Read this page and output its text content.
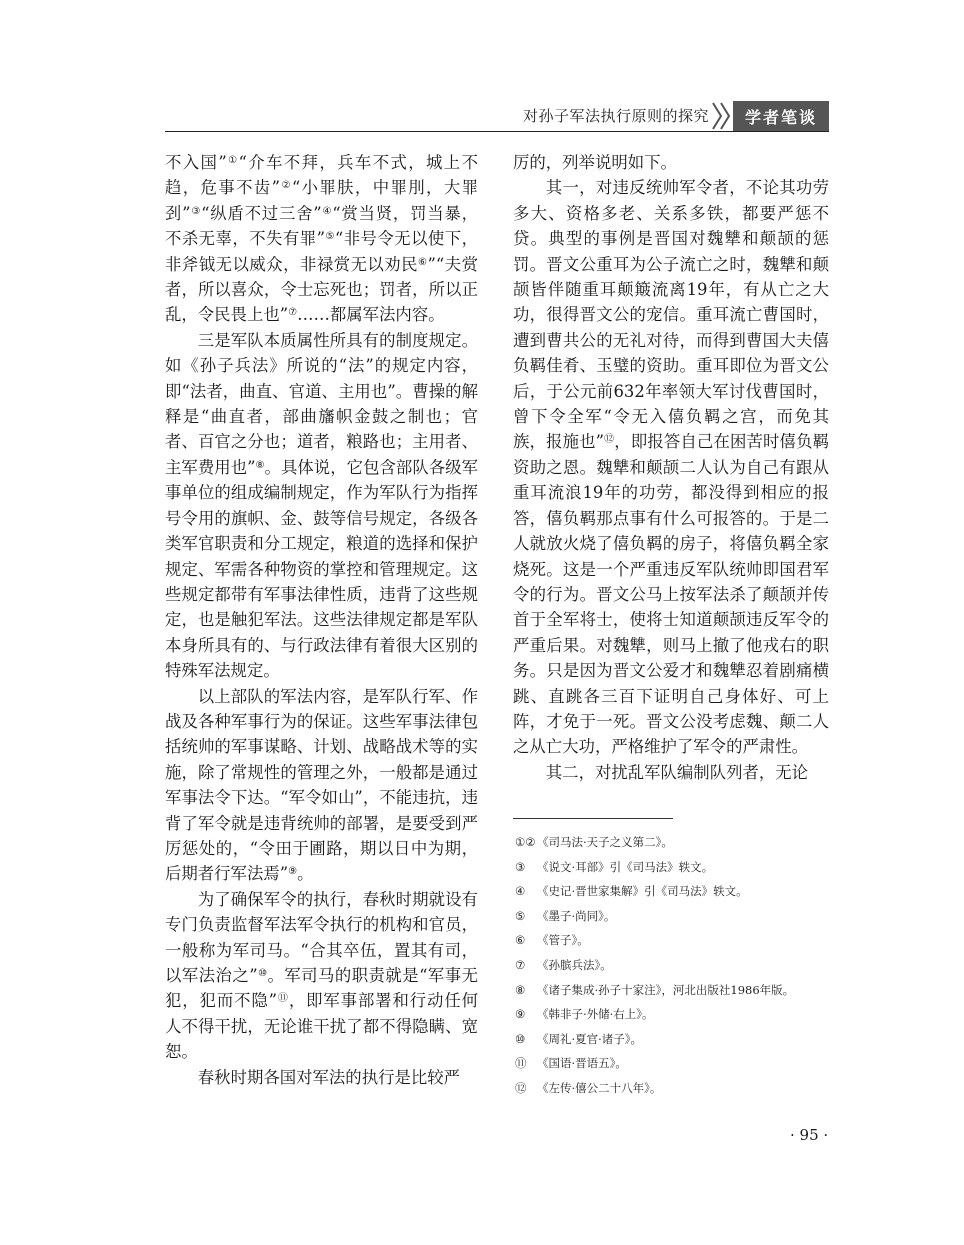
对孙子军法执行原则的探究	学者笔谈

不入国”①“介车不拜，兵车不式，城上不趋，危事不齿”②“小罪肤，中罪刖，大罪刭”③“纵盾不过三舍”④“赏当贤，罚当暴，不杀无辜，不失有罪”⑤“非号令无以使下，非斧钺无以威众，非禄赏无以劝民⑥”“夫赏者，所以喜众，令士忘死也；罚者，所以正乱，令民畏上也”⑦……都属军法内容。

三是军队本质属性所具有的制度规定。如《孙子兵法》所说的“法”的规定内容，即“法者，曲直、官道、主用也”。曹操的解释是“曲直者，部曲旛帜金鼓之制也；官者、百官之分也；道者，粮路也；主用者、主军费用也”⑧。具体说，它包含部队各级军事单位的组成编制规定，作为军队行为指挥号令用的旗帜、金、鼓等信号规定，各级各类军官职责和分工规定，粮道的选择和保护规定、军需各种物资的掌控和管理规定。这些规定都带有军事法律性质，违背了这些规定，也是触犯军法。这些法律规定都是军队本身所具有的、与行政法律有着很大区别的特殊军法规定。

以上部队的军法内容，是军队行军、作战及各种军事行为的保证。这些军事法律包括统帅的军事谋略、计划、战略战术等的实施，除了常规性的管理之外，一般都是通过军事法令下达。“军令如山”，不能违抗，违背了军令就是违背统帅的部署，是要受到严厉惩处的，“令田于圃路，期以日中为期，后期者行军法焉”⑨。

为了确保军令的执行，春秋时期就设有专门负责监督军法军令执行的机构和官员，一般称为军司马。“合其卒伍，置其有司，以军法治之”⑩。军司马的职责就是“军事无犯，犯而不隐”⑪，即军事部署和行动任何人不得干扰，无论谁干扰了都不得隐瞒、宽恕。

春秋时期各国对军法的执行是比较严

厉的，列举说明如下。

其一，对违反统帅军令者，不论其功劳多大、资格多老、关系多铁，都要严惩不贷。典型的事例是晋国对魏犨和颠颉的惩罚。晋文公重耳为公子流亡之时，魏犨和颠颉皆伴随重耳颠簸流离19年，有从亡之大功，很得晋文公的宠信。重耳流亡曹国时，遭到曹共公的无礼对待，而得到曹国大夫僖负羁佳肴、玉璧的资助。重耳即位为晋文公后，于公元前632年率领大军讨伐曹国时，曾下令全军“令无入僖负羁之宫，而免其族，报施也”⑫，即报答自己在困苦时僖负羁资助之恩。魏犨和颠颉二人认为自己有跟从重耳流浪19年的功劳，都没得到相应的报答，僖负羁那点事有什么可报答的。于是二人就放火烧了僖负羁的房子，将僖负羁全家烧死。这是一个严重违反军队统帅即国君军令的行为。晋文公马上按军法杀了颠颉并传首于全军将士，使将士知道颠颉违反军令的严重后果。对魏犨，则马上撤了他戎右的职务。只是因为晋文公爱才和魏犨忍着剧痛横跳、直跳各三百下证明自己身体好、可上阵，才免于一死。晋文公没考虑魏、颠二人之从亡大功，严格维护了军令的严肃性。

其二，对扰乱军队编制队列者，无论

①②《司马法·天子之义第二》。
③ 《说文·耳部》引《司马法》轶文。
④ 《史记·晋世家集解》引《司马法》轶文。
⑤ 《墨子·尚同》。
⑥ 《管子》。
⑦ 《孙膑兵法》。
⑧ 《诸子集成·孙子十家注》，河北出版社1986年版。
⑨ 《韩非子·外储·右上》。
⑩ 《周礼·夏官·诸子》。
⑪ 《国语·晋语五》。
⑫ 《左传·僖公二十八年》。
· 95 ·
